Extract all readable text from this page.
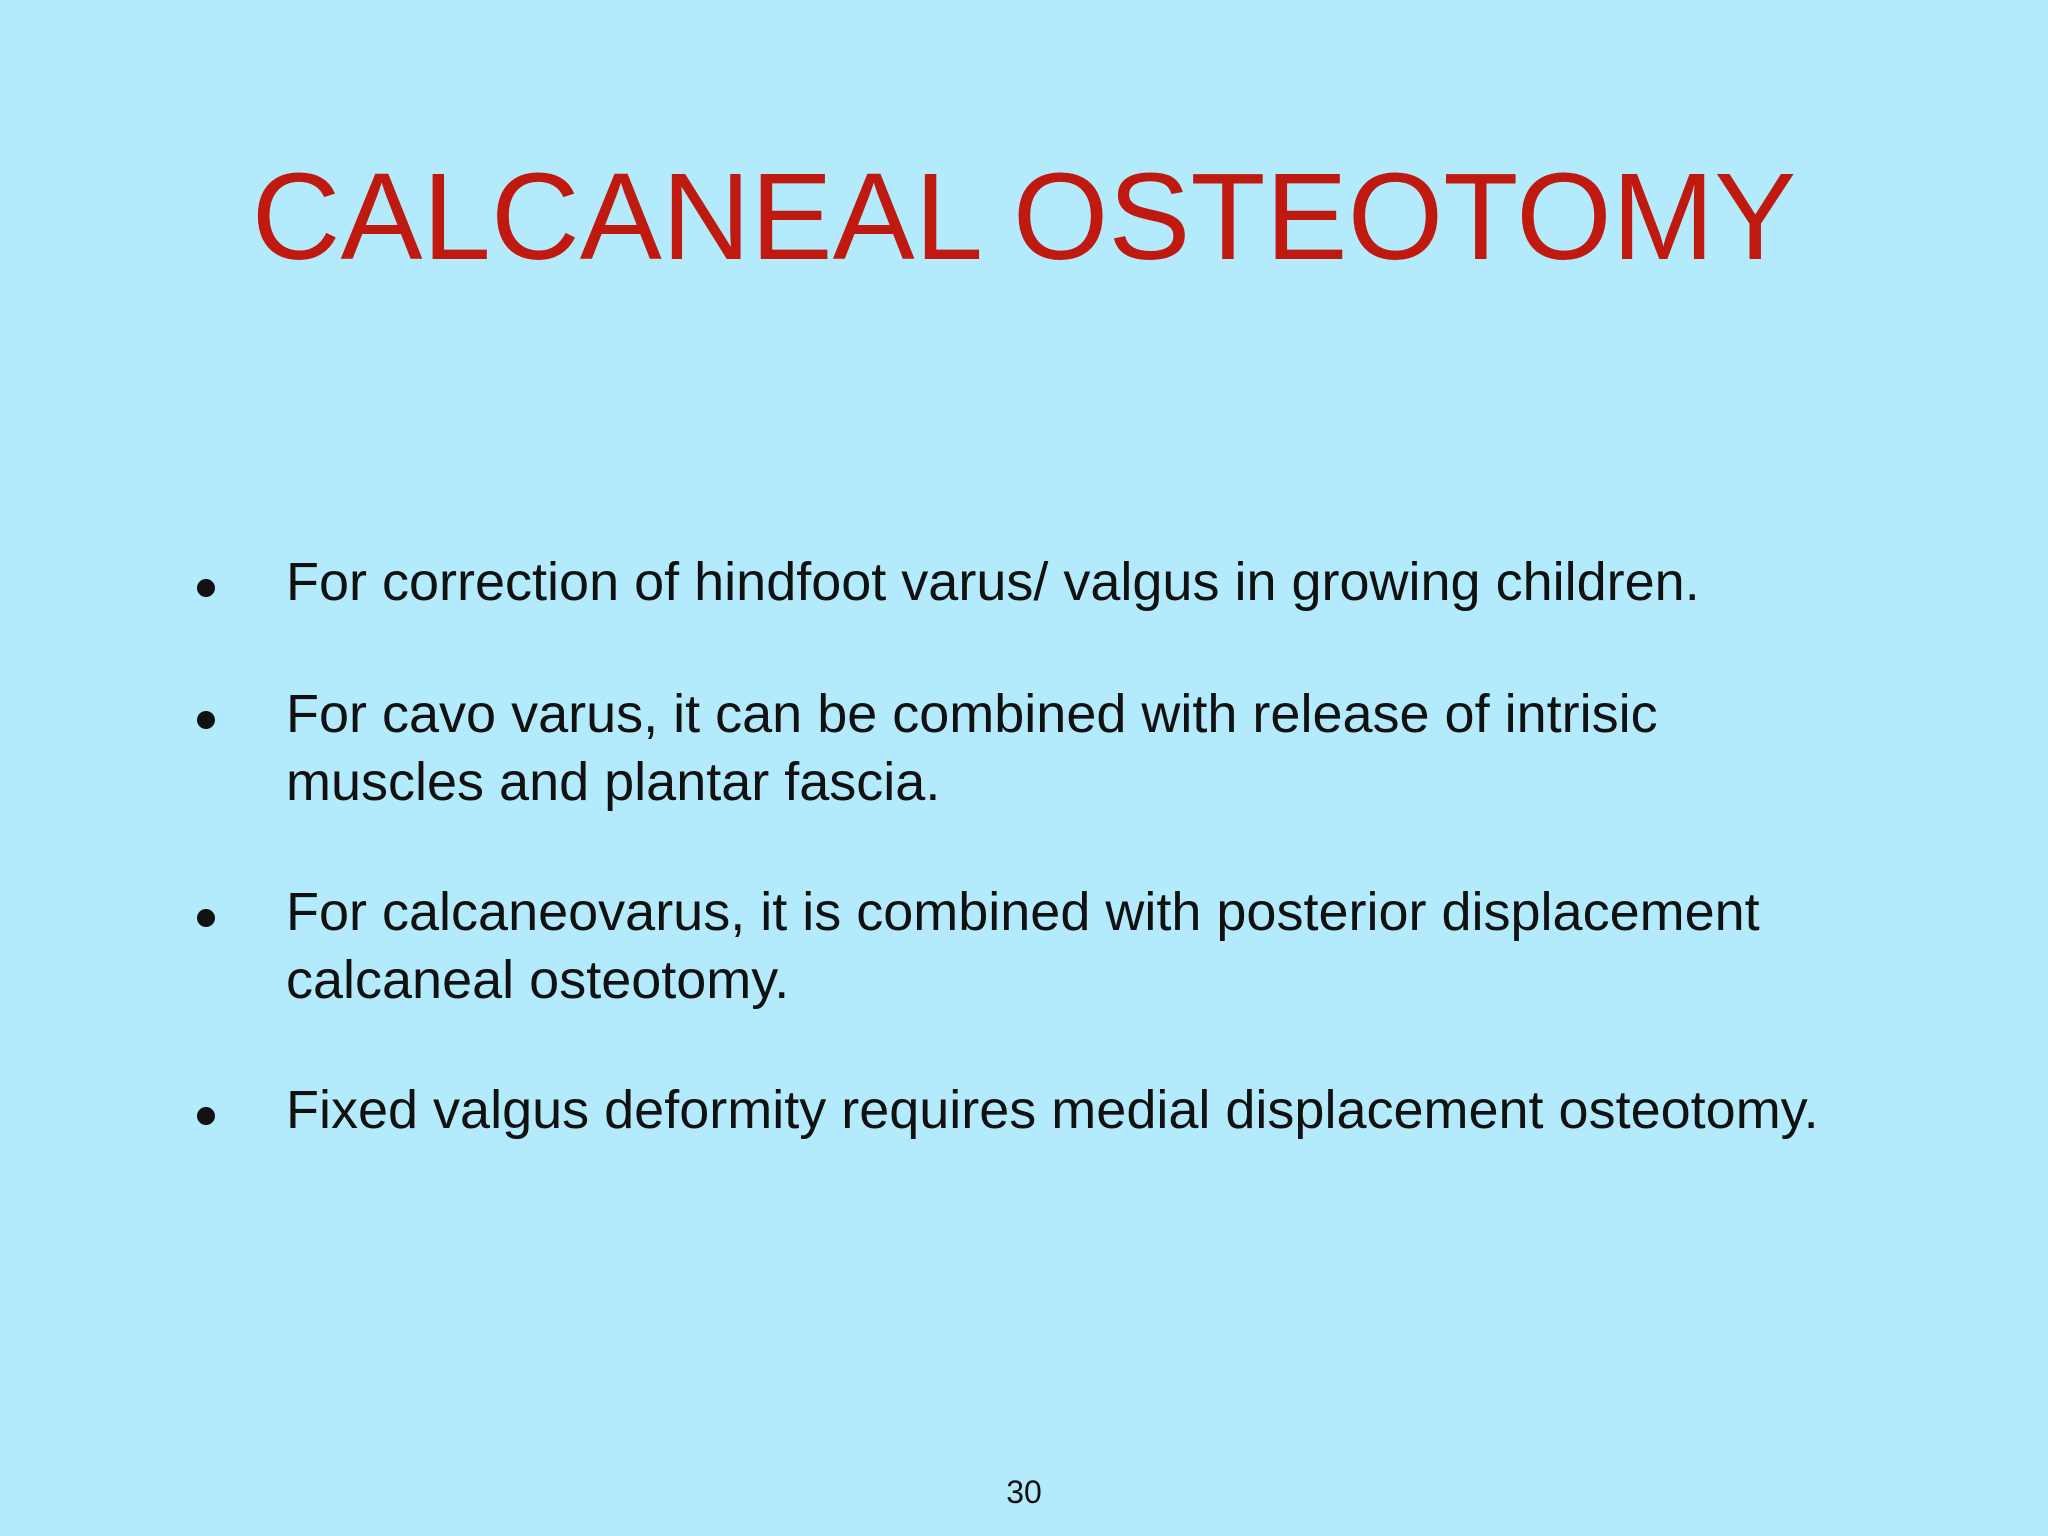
CALCANEAL OSTEOTOMY
For correction of hindfoot varus/ valgus in growing children.
For cavo varus, it can be combined with release of intrisic muscles and plantar fascia.
For calcaneovarus, it is combined with posterior displacement calcaneal osteotomy.
Fixed valgus deformity requires medial displacement osteotomy.
30
